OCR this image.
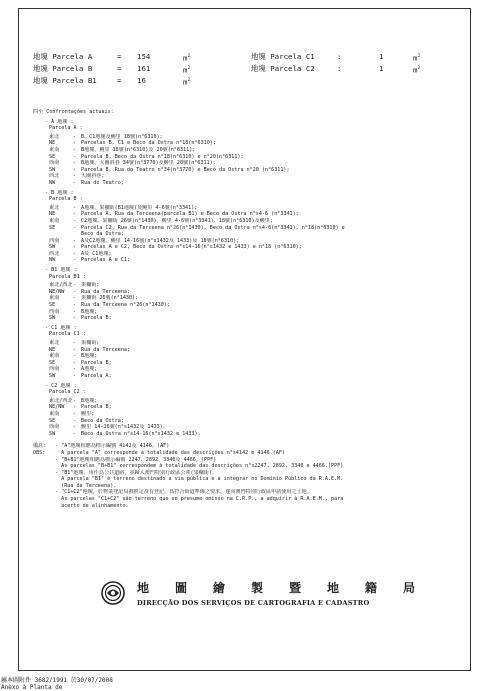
地塊 Parcela A	= 154	$m^2$	地塊 Parcela C1	:	1	$m^2$
地塊 Parcela B	= 161	$m^2$	地塊 Parcela C2	:	1	$m^2$
地塊 Parcela B1	= 16	$m^2$
四至 Confrontações actuais:
- A 地塊 :
Parcela A :
東北	- B、C1地塊及鰻里 18號(n°6310);
NE	- Parcelas B, C1 e Beco da Ostra n°18(n°6310);
東南	- B地塊、鰻里 18號(n°6310)及 20號(n°6311);
SE	- Parcela B, Beco da Ostra n°18(n°6310) e n°20(n°6311);
西南	- B地塊、大關斜巷 34號(n°3770)及鰻里 20號(n°6311);
SW	- Parcela B, Rua do Teatro n°34(n°3770) e Beco da Ostra n°20 (n°6311);
西北	- 大關斜巷;
NW	- Rua do Teatro;
- B 地塊 :
Parcela B :
東北	- A地塊、果欄街(B1地塊)及鰻里 4-6號(n°3341);
NE	- Parcela A, Rua da Terceena(parcela B1) e Beco da Ostra n°s4-6 (n°3341);
東南	- C2地塊、果欄街 26號(n°1430)、鰻里 4-6號(n°3341)、18號(n°6310)及鰻里;
SE	- Parcela C2, Rua da Terceena n°26(n°1430), Beco da Ostra n°s4-6(n°3341), n°18(n°6310) e
Beco da Ostra;
西南	- A及C2地塊、鰻里 14-16號(n°s1432及 1433)及 18號(n°6310);
SW	- Parcelas A e C2, Beco da Ostra n°s14-16(n°s1432 e 1433) e n°18 (n°6310);
西北	- A及 C1地塊;
NW	- Parcelas A e C1;
- B1 地塊 :
Parcela B1 :
東北/西北 - 果欄街;
NE/NW - Rua da Terceena;
東南	- 果欄街 26號(n°1430);
SE	- Rua da Terceena n°26(n°1430);
西南	- B地塊;
SW	- Parcela B;
- C1 地塊 :
Parcela C1 :
東北	- 果欄街;
NE	- Rua da Terceena;
東南	- B地塊;
SE	- Parcela B;
西南	- A地塊;
SW	- Parcela A;
- C2 地塊 :
Parcela C2 :
東北/西北 - B地塊;
NE/NW - Parcela B;
東南	- 鰻里;
SE	- Beco da Ostra;
西南	- 鰻里 14-16號(n°s1432及 1433)。
SW	- Beco da Ostra n°s14-16(n°s1432 e 1433).
備註:
OBS:
- "A"地塊相應為標示編號 4142及 4146。(AF)
A parcela "A" corresponde à totalidade das descrições n°s4142 e 4146.(AF)
- "B+B1"地塊相應為標示編號 2247、2892、3340及 4466。(PPF)
As parcelas "B+B1" correspondem à totalidade das descrições n°s2247, 2892, 3340 e 4466.(PPF)
- "B1"地塊，用作為公共道路，並歸入澳門特別行政區公產(果欄街)。
A parcela "B1" é terreno destinado a via pública e a integrar no Domínio Público da R.A.E.M.
(Rua da Terceena).
- "C1+C2"地塊，於物業登記局被推定沒有登記，爲符合街道準線之要求，遂向澳門特別行政區申請使用之土地。
As parcelas "C1+C2" são terreno que se presume omisso na C.R.P., a adquirir à R.A.E.M., para
acerto de alinhamento.
地圖繪製暨地籍局
DIRECÇÃO DOS SERVIÇOS DE CARTOGRAFIA E CADASTRO
屬本圖附件 3682/1991 於30/07/2008
Anexo à Planta de
